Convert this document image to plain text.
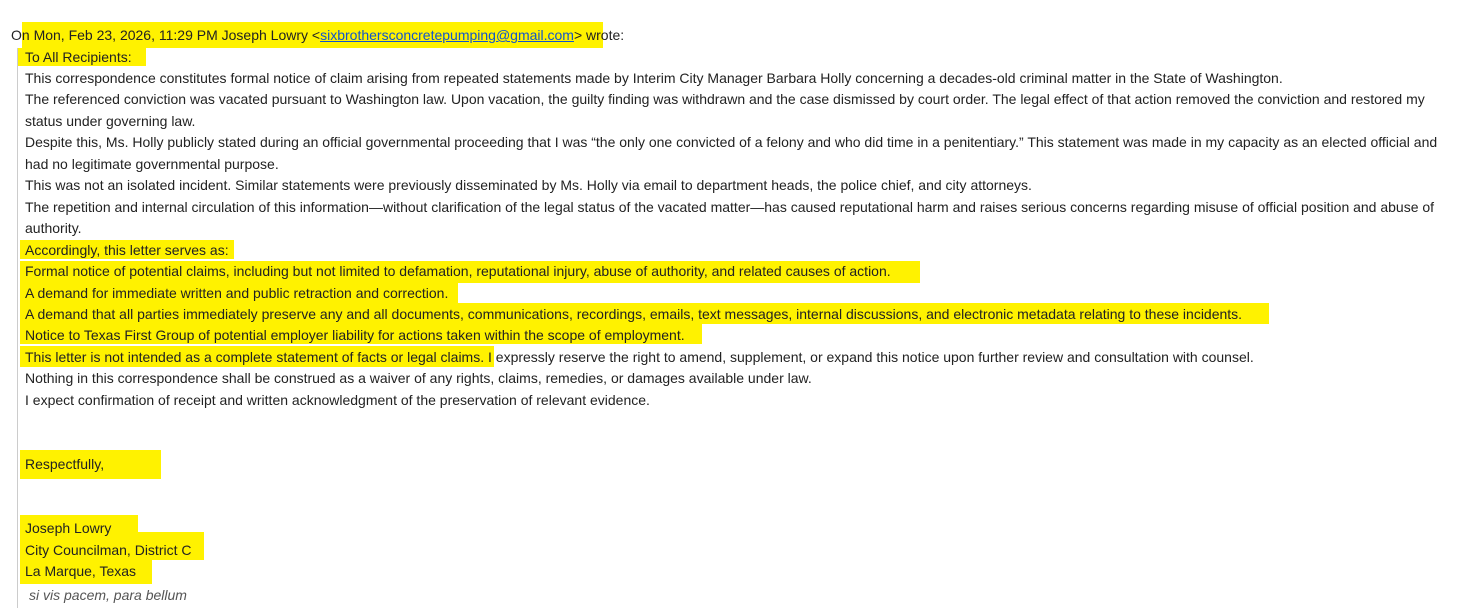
On Mon, Feb 23, 2026, 11:29 PM Joseph Lowry <sixbrothersconcretepumping@gmail.com> wrote:
To All Recipients:
This correspondence constitutes formal notice of claim arising from repeated statements made by Interim City Manager Barbara Holly concerning a decades-old criminal matter in the State of Washington.
The referenced conviction was vacated pursuant to Washington law. Upon vacation, the guilty finding was withdrawn and the case dismissed by court order. The legal effect of that action removed the conviction and restored my
status under governing law.
Despite this, Ms. Holly publicly stated during an official governmental proceeding that I was “the only one convicted of a felony and who did time in a penitentiary.” This statement was made in my capacity as an elected official and
had no legitimate governmental purpose.
This was not an isolated incident. Similar statements were previously disseminated by Ms. Holly via email to department heads, the police chief, and city attorneys.
The repetition and internal circulation of this information—without clarification of the legal status of the vacated matter—has caused reputational harm and raises serious concerns regarding misuse of official position and abuse of
authority.
Accordingly, this letter serves as:
Formal notice of potential claims, including but not limited to defamation, reputational injury, abuse of authority, and related causes of action.
A demand for immediate written and public retraction and correction.
A demand that all parties immediately preserve any and all documents, communications, recordings, emails, text messages, internal discussions, and electronic metadata relating to these incidents.
Notice to Texas First Group of potential employer liability for actions taken within the scope of employment.
This letter is not intended as a complete statement of facts or legal claims. I expressly reserve the right to amend, supplement, or expand this notice upon further review and consultation with counsel.
Nothing in this correspondence shall be construed as a waiver of any rights, claims, remedies, or damages available under law.
I expect confirmation of receipt and written acknowledgment of the preservation of relevant evidence.
Respectfully,
Joseph Lowry
City Councilman, District C
La Marque, Texas
si vis pacem, para bellum
